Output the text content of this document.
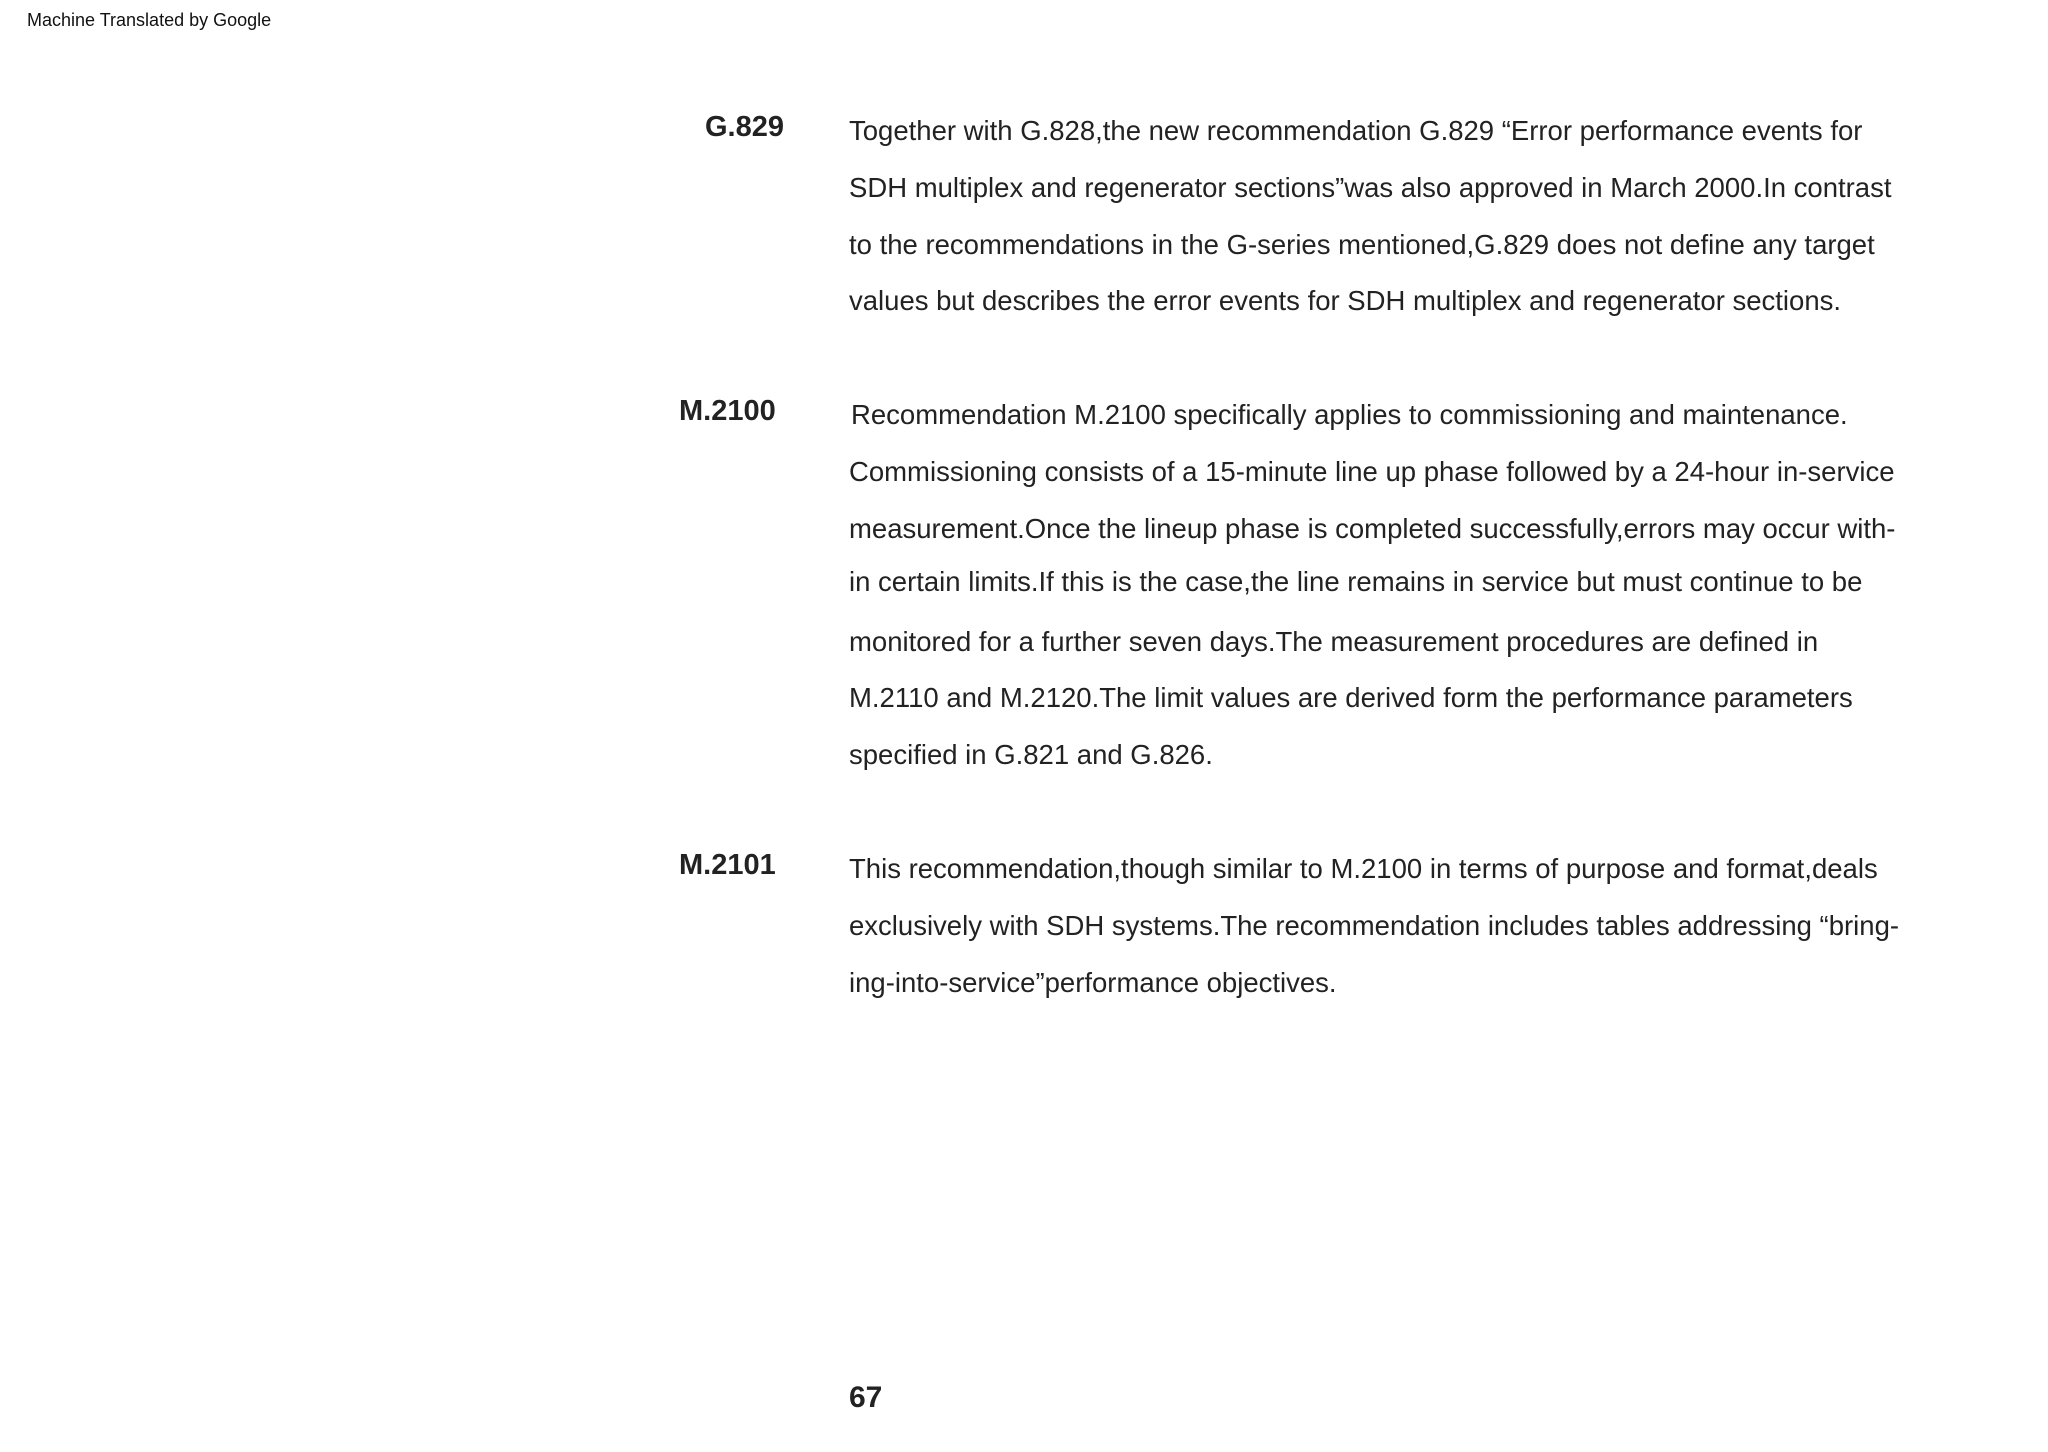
Machine Translated by Google
G.829 Together with G.828,the new recommendation G.829 “Error performance events for
SDH multiplex and regenerator sections”was also approved in March 2000.In contrast
to the recommendations in the G-series mentioned,G.829 does not define any target
values but describes the error events for SDH multiplex and regenerator sections.
M.2100	Recommendation M.2100 specifically applies to commissioning and maintenance.
Commissioning consists of a 15-minute line up phase followed by a 24-hour in-service
measurement.Once the lineup phase is completed successfully,errors may occur with-
in certain limits.If this is the case,the line remains in service but must continue to be
monitored for a further seven days.The measurement procedures are defined in
M.2110 and M.2120.The limit values are derived form the performance parameters
specified in G.821 and G.826.
M.2101	This recommendation,though similar to M.2100 in terms of purpose and format,deals
exclusively with SDH systems.The recommendation includes tables addressing “bring-
ing-into-service”performance objectives.
67
